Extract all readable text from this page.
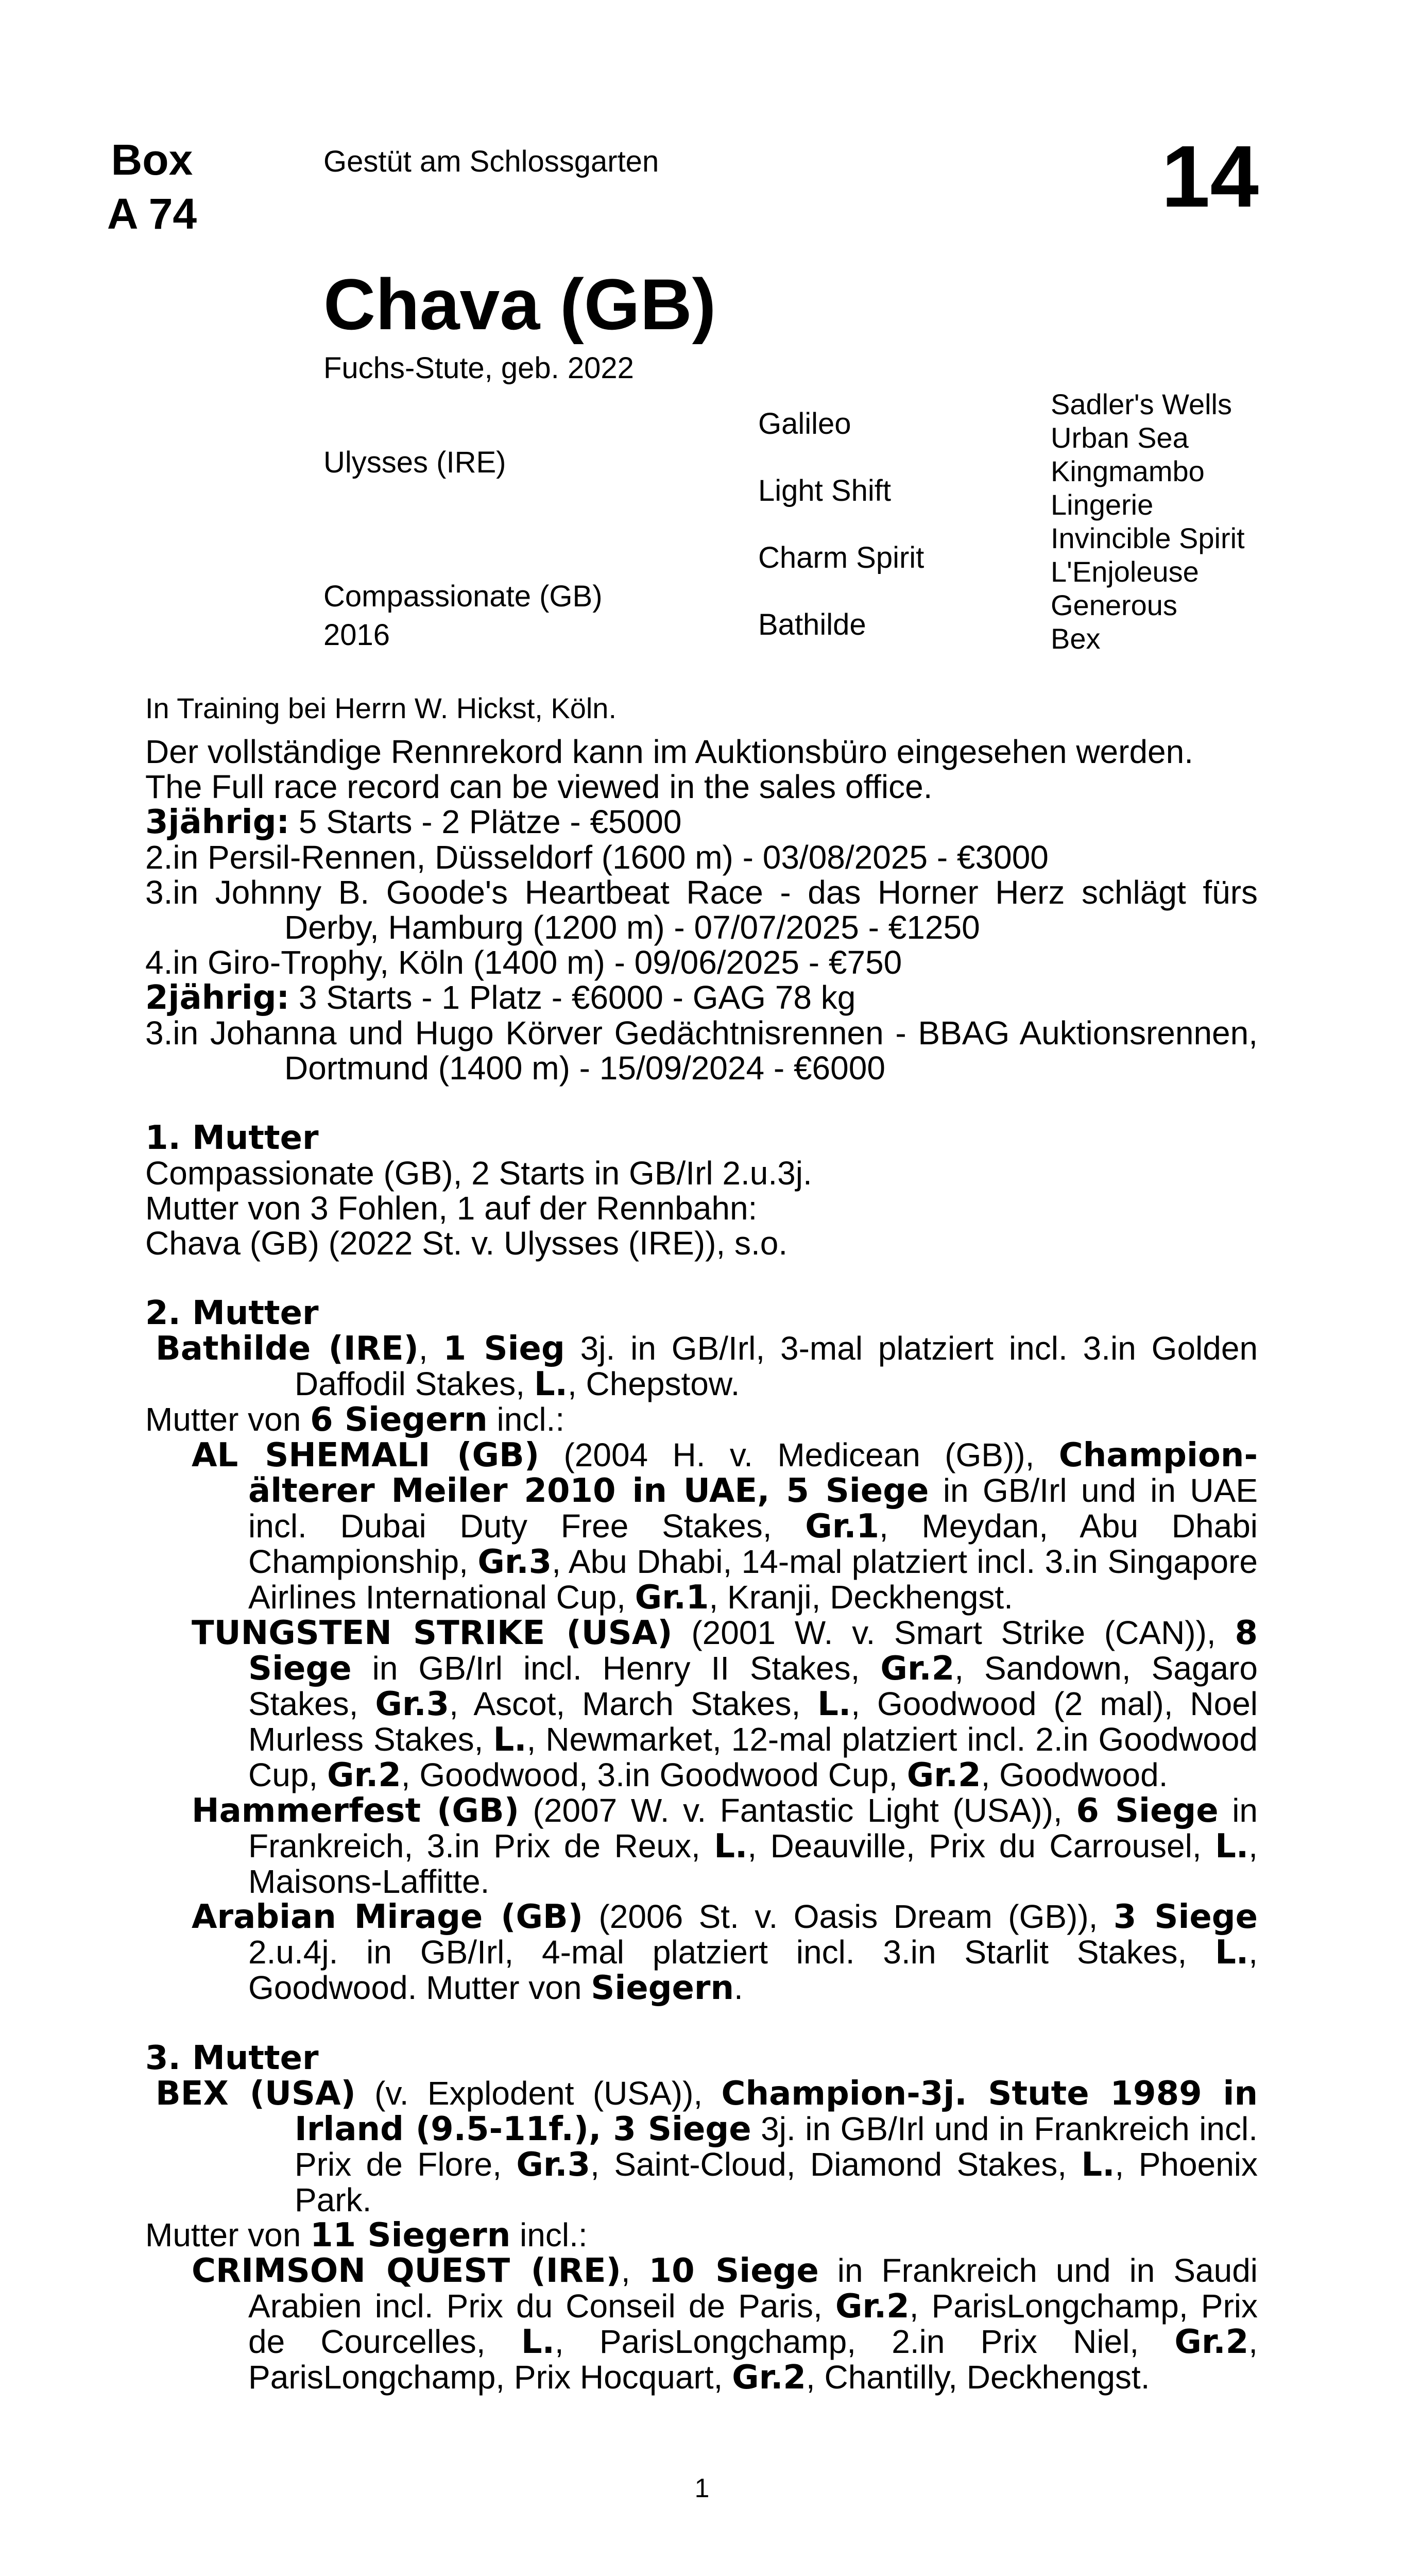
Box
A 74
Gestüt am Schlossgarten	14
Chava (GB)
Fuchs-Stute, geb. 2022
Ulysses (IRE)
Compassionate (GB)
2016
Galileo
Light Shift
Charm Spirit
Bathilde
Sadler's Wells
Urban Sea
Kingmambo
Lingerie
Invincible Spirit
L'Enjoleuse
Generous
Bex
In Training bei Herrn W. Hickst, Köln.

Der vollständige Rennrekord kann im Auktionsbüro eingesehen werden.

The Full race record can be viewed in the sales office.

3jährig: 5 Starts - 2 Plätze - €5000

2.in Persil-Rennen, Düsseldorf (1600 m) - 03/08/2025 - €3000

3.in Johnny B. Goode's Heartbeat Race - das Horner Herz schlägt fürs Derby, Hamburg (1200 m) - 07/07/2025 - €1250

4.in Giro-Trophy, Köln (1400 m) - 09/06/2025 - €750

2jährig: 3 Starts - 1 Platz - €6000 - GAG 78 kg

3.in Johanna und Hugo Körver Gedächtnisrennen - BBAG Auktionsrennen, Dortmund (1400 m) - 15/09/2024 - €6000

1. Mutter

Compassionate (GB), 2 Starts in GB/Irl 2.u.3j.

Mutter von 3 Fohlen, 1 auf der Rennbahn:

Chava (GB) (2022 St. v. Ulysses (IRE)), s.o.

2. Mutter

Bathilde (IRE), 1 Sieg 3j. in GB/Irl, 3-mal platziert incl. 3.in Golden Daffodil Stakes, L., Chepstow.

Mutter von 6 Siegern incl.:

AL SHEMALI (GB) (2004 H. v. Medicean (GB)), Champion-älterer Meiler 2010 in UAE, 5 Siege in GB/Irl und in UAE incl. Dubai Duty Free Stakes, Gr.1, Meydan, Abu Dhabi Championship, Gr.3, Abu Dhabi, 14-mal platziert incl. 3.in Singapore Airlines International Cup, Gr.1, Kranji, Deckhengst.

TUNGSTEN STRIKE (USA) (2001 W. v. Smart Strike (CAN)), 8 Siege in GB/Irl incl. Henry II Stakes, Gr.2, Sandown, Sagaro Stakes, Gr.3, Ascot, March Stakes, L., Goodwood (2 mal), Noel Murless Stakes, L., Newmarket, 12-mal platziert incl. 2.in Goodwood Cup, Gr.2, Goodwood, 3.in Goodwood Cup, Gr.2, Goodwood.

Hammerfest (GB) (2007 W. v. Fantastic Light (USA)), 6 Siege in Frankreich, 3.in Prix de Reux, L., Deauville, Prix du Carrousel, L., Maisons-Laffitte.

Arabian Mirage (GB) (2006 St. v. Oasis Dream (GB)), 3 Siege 2.u.4j. in GB/Irl, 4-mal platziert incl. 3.in Starlit Stakes, L., Goodwood. Mutter von Siegern.

3. Mutter

BEX (USA) (v. Explodent (USA)), Champion-3j. Stute 1989 in Irland (9.5-11f.), 3 Siege 3j. in GB/Irl und in Frankreich incl. Prix de Flore, Gr.3, Saint-Cloud, Diamond Stakes, L., Phoenix Park.

Mutter von 11 Siegern incl.:

CRIMSON QUEST (IRE), 10 Siege in Frankreich und in Saudi Arabien incl. Prix du Conseil de Paris, Gr.2, ParisLongchamp, Prix de Courcelles, L., ParisLongchamp, 2.in Prix Niel, Gr.2, ParisLongchamp, Prix Hocquart, Gr.2, Chantilly, Deckhengst.

1
